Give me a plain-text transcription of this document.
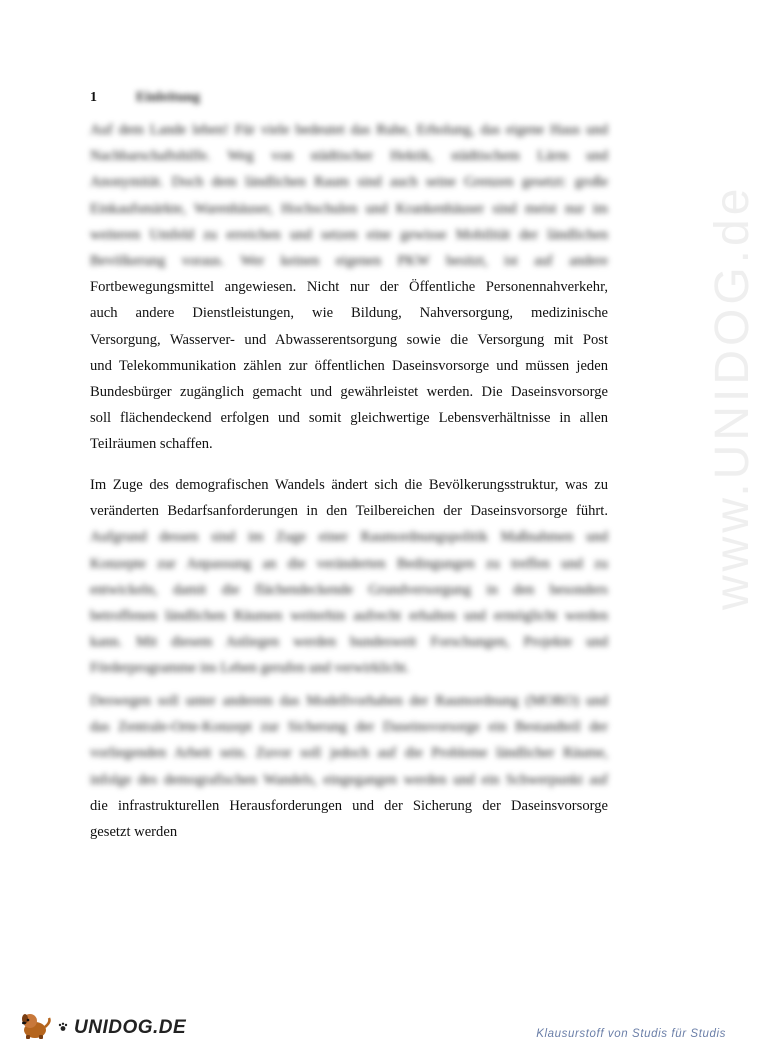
1	Einleitung
Auf dem Lande leben! Für viele bedeutet das Ruhe, Erholung, das eigene Haus und
Nachbarschaftshilfe. Weg von städtischer Hektik, städtischem Lärm und
Anonymität. Doch dem ländlichen Raum sind auch seine Grenzen gesetzt: große
Einkaufsmärkte, Warenhäuser, Hochschulen und Krankenhäuser sind meist nur im
weiteren Umfeld zu erreichen und setzen eine gewisse Mobilität der ländlichen
Bevölkerung voraus. Wer keinen eigenen PKW besitzt, ist auf andere
Fortbewegungsmittel angewiesen. Nicht nur der Öffentliche Personennahverkehr,
auch andere Dienstleistungen, wie Bildung, Nahversorgung, medizinische
Versorgung, Wasserver- und Abwasserentsorgung sowie die Versorgung mit Post
und Telekommunikation zählen zur öffentlichen Daseinsvorsorge und müssen jeden
Bundesbürger zugänglich gemacht und gewährleistet werden. Die Daseinsvorsorge
soll flächendeckend erfolgen und somit gleichwertige Lebensverhältnisse in allen
Teilräumen schaffen.
Im Zuge des demografischen Wandels ändert sich die Bevölkerungsstruktur, was zu
veränderten Bedarfsanforderungen in den Teilbereichen der Daseinsvorsorge führt.
Aufgrund dessen sind im Zuge einer Raumordnungspolitik Maßnahmen und
Konzepte zur Anpassung an die veränderten Bedingungen zu treffen und zu
entwickeln, damit die flächendeckende Grundversorgung in den besonders
betroffenen ländlichen Räumen weiterhin aufrecht erhalten und ermöglicht werden
kann. Mit diesem Anliegen werden bundesweit Forschungen, Projekte und
Förderprogramme ins Leben gerufen und verwirklicht.
Deswegen soll unter anderem das Modellvorhaben der Raumordnung (MORO) und
das Zentrale-Orte-Konzept zur Sicherung der Daseinsvorsorge ein Bestandteil der
vorliegenden Arbeit sein. Zuvor soll jedoch auf die Probleme ländlicher Räume,
infolge des demografischen Wandels, eingegangen werden und ein Schwerpunkt auf
die infrastrukturellen Herausforderungen und der Sicherung der Daseinsvorsorge
gesetzt werden
www.UNIDOG.de
UNIDOG.DE	Klausurstoff von Studis für Studis
